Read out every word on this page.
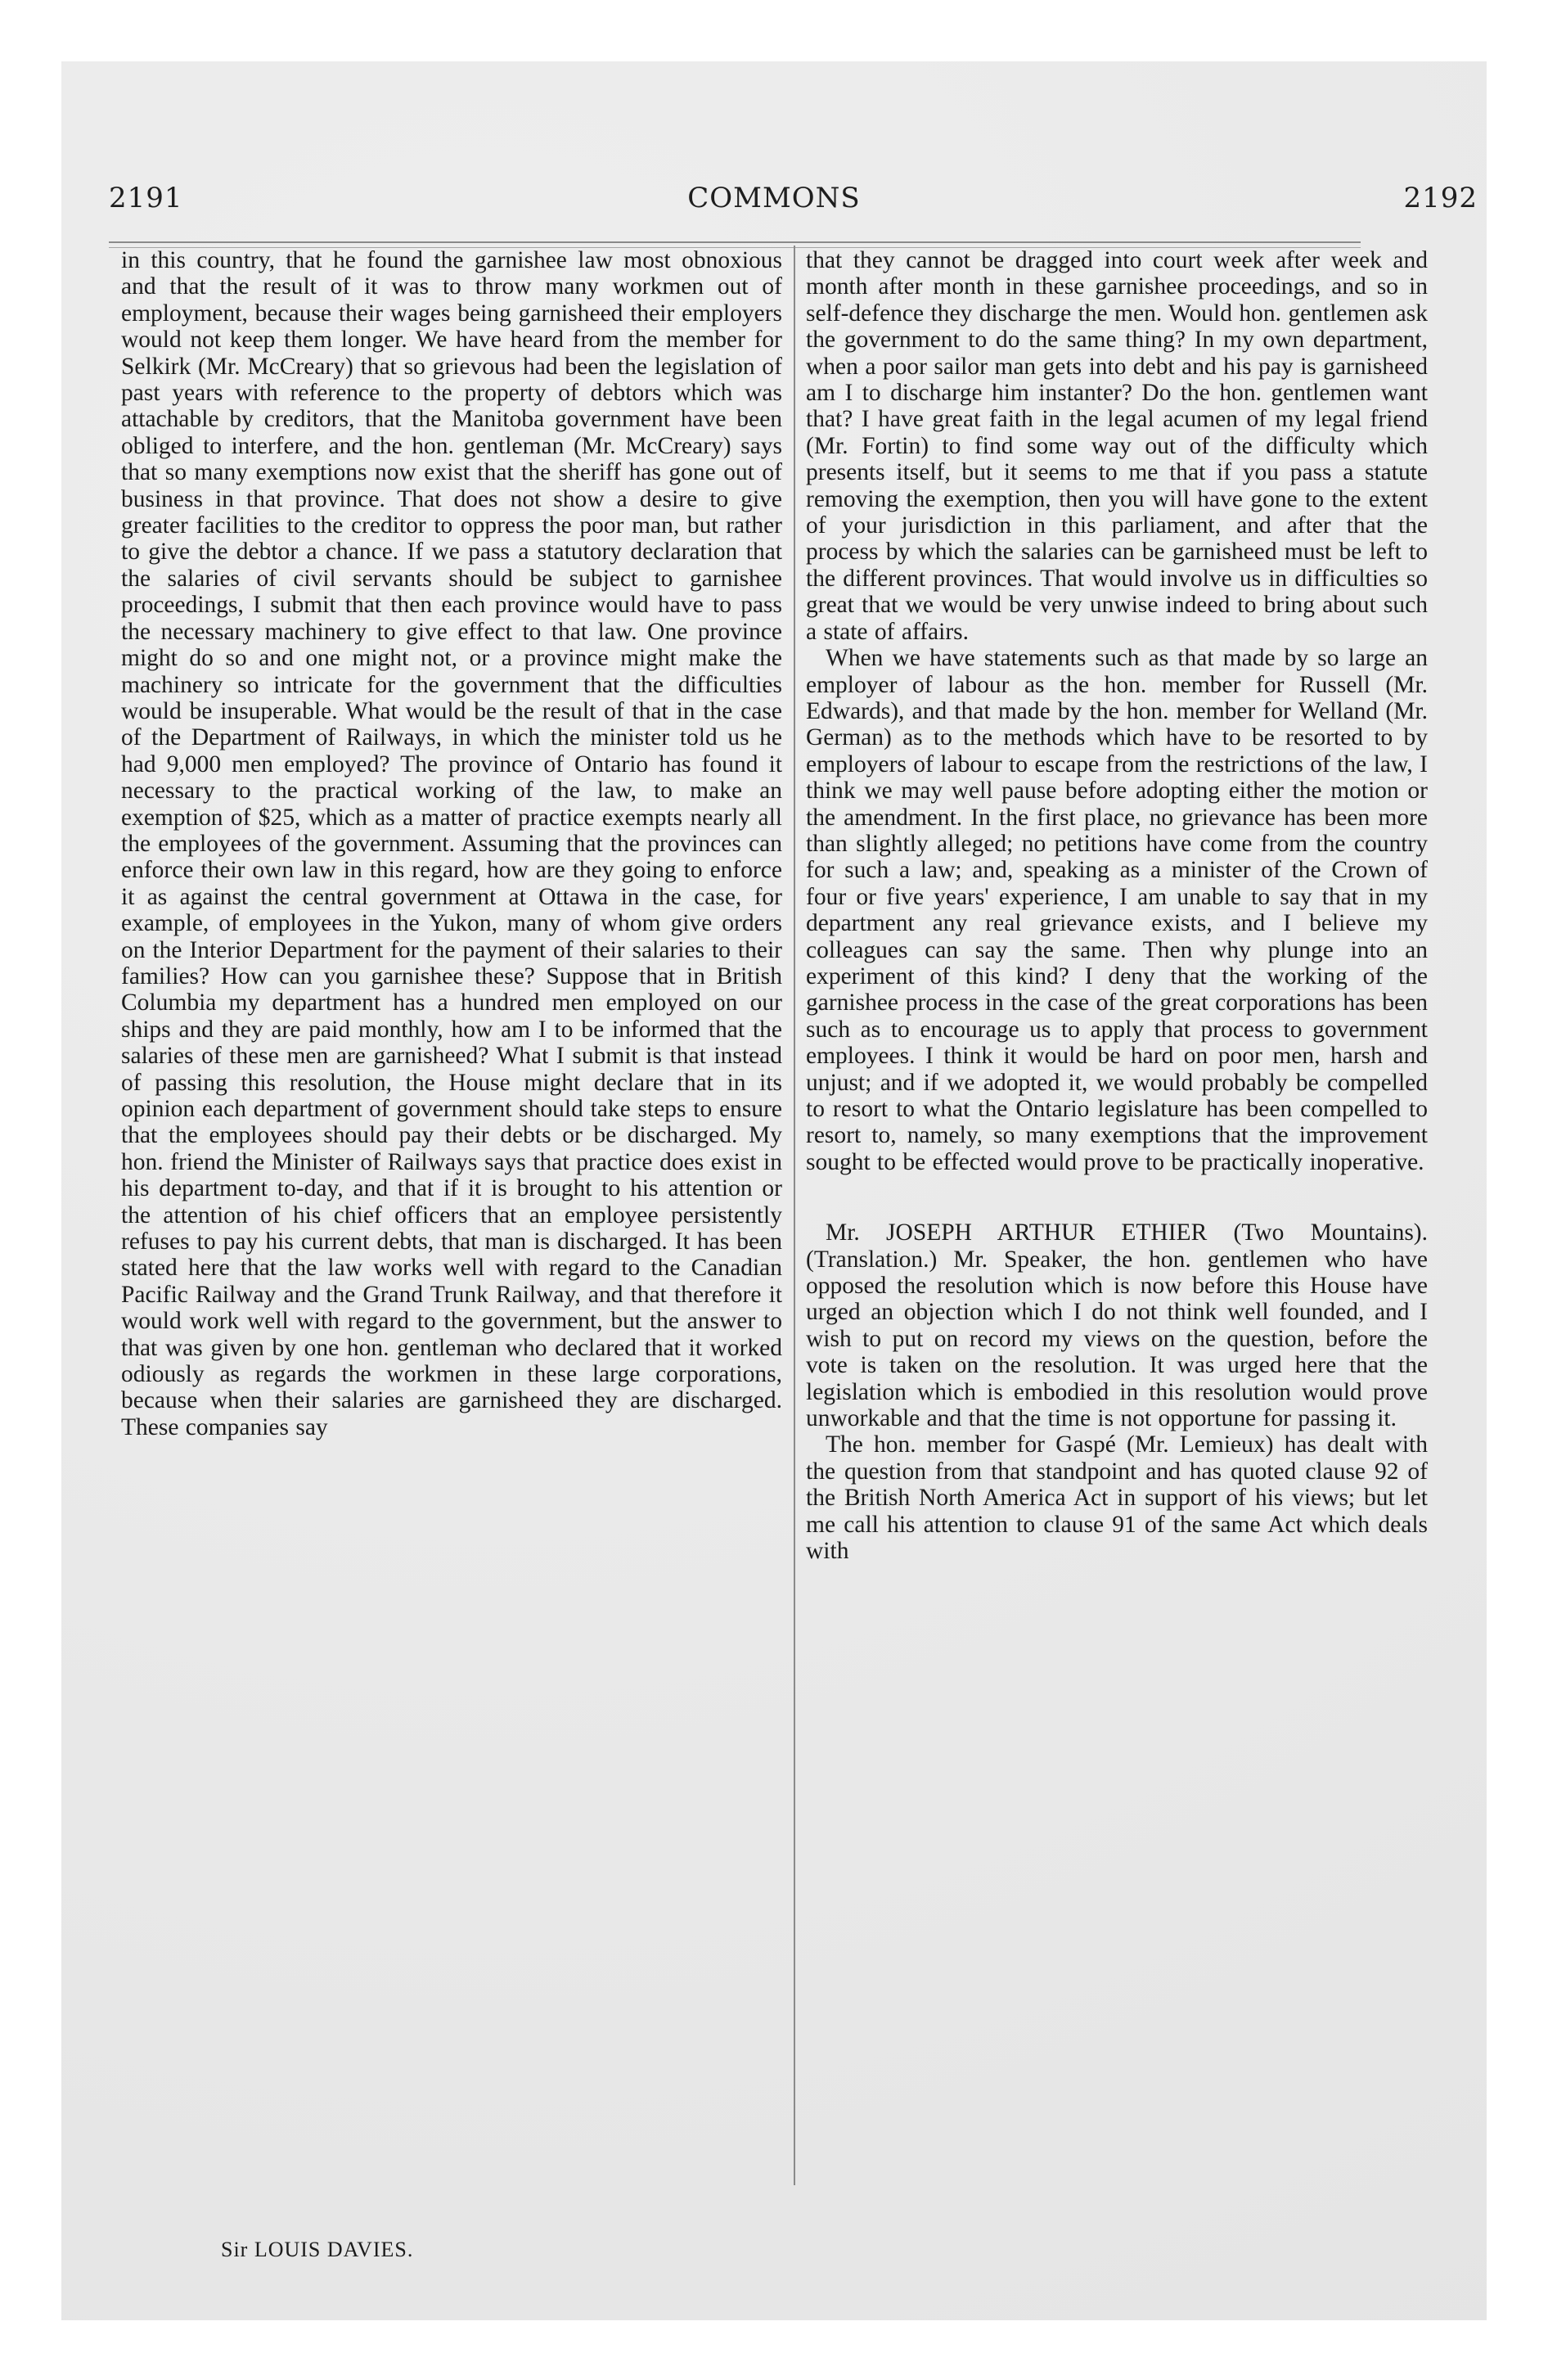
2191	COMMONS	2192

in this country, that he found the garnishee law most obnoxious and that the result of it was to throw many workmen out of employment, because their wages being garnisheed their employers would not keep them longer. We have heard from the member for Selkirk (Mr. McCreary) that so grievous had been the legislation of past years with reference to the property of debtors which was attachable by creditors, that the Manitoba government have been obliged to interfere, and the hon. gentleman (Mr. McCreary) says that so many exemptions now exist that the sheriff has gone out of business in that province. That does not show a desire to give greater facilities to the creditor to oppress the poor man, but rather to give the debtor a chance. If we pass a statutory declaration that the salaries of civil servants should be subject to garnishee proceedings, I submit that then each province would have to pass the necessary machinery to give effect to that law. One province might do so and one might not, or a province might make the machinery so intricate for the government that the difficulties would be insuperable. What would be the result of that in the case of the Department of Railways, in which the minister told us he had 9,000 men employed? The province of Ontario has found it necessary to the practical working of the law, to make an exemption of $25, which as a matter of practice exempts nearly all the employees of the government. Assuming that the provinces can enforce their own law in this regard, how are they going to enforce it as against the central government at Ottawa in the case, for example, of employees in the Yukon, many of whom give orders on the Interior Department for the payment of their salaries to their families? How can you garnishee these? Suppose that in British Columbia my department has a hundred men employed on our ships and they are paid monthly, how am I to be informed that the salaries of these men are garnisheed? What I submit is that instead of passing this resolution, the House might declare that in its opinion each department of government should take steps to ensure that the employees should pay their debts or be discharged. My hon. friend the Minister of Railways says that practice does exist in his department to-day, and that if it is brought to his attention or the attention of his chief officers that an employee persistently refuses to pay his current debts, that man is discharged. It has been stated here that the law works well with regard to the Canadian Pacific Railway and the Grand Trunk Railway, and that therefore it would work well with regard to the government, but the answer to that was given by one hon. gentleman who declared that it worked odiously as regards the workmen in these large corporations, because when their salaries are garnisheed they are discharged. These companies say

that they cannot be dragged into court week after week and month after month in these garnishee proceedings, and so in self-defence they discharge the men. Would hon. gentlemen ask the government to do the same thing? In my own department, when a poor sailor man gets into debt and his pay is garnisheed am I to discharge him instanter? Do the hon. gentlemen want that? I have great faith in the legal acumen of my legal friend (Mr. Fortin) to find some way out of the difficulty which presents itself, but it seems to me that if you pass a statute removing the exemption, then you will have gone to the extent of your jurisdiction in this parliament, and after that the process by which the salaries can be garnisheed must be left to the different provinces. That would involve us in difficulties so great that we would be very unwise indeed to bring about such a state of affairs.

When we have statements such as that made by so large an employer of labour as the hon. member for Russell (Mr. Edwards), and that made by the hon. member for Welland (Mr. German) as to the methods which have to be resorted to by employers of labour to escape from the restrictions of the law, I think we may well pause before adopting either the motion or the amendment. In the first place, no grievance has been more than slightly alleged; no petitions have come from the country for such a law; and, speaking as a minister of the Crown of four or five years' experience, I am unable to say that in my department any real grievance exists, and I believe my colleagues can say the same. Then why plunge into an experiment of this kind? I deny that the working of the garnishee process in the case of the great corporations has been such as to encourage us to apply that process to government employees. I think it would be hard on poor men, harsh and unjust; and if we adopted it, we would probably be compelled to resort to what the Ontario legislature has been compelled to resort to, namely, so many exemptions that the improvement sought to be effected would prove to be practically inoperative.

Mr. JOSEPH ARTHUR ETHIER (Two Mountains). (Translation.) Mr. Speaker, the hon. gentlemen who have opposed the resolution which is now before this House have urged an objection which I do not think well founded, and I wish to put on record my views on the question, before the vote is taken on the resolution. It was urged here that the legislation which is embodied in this resolution would prove unworkable and that the time is not opportune for passing it.

The hon. member for Gaspé (Mr. Lemieux) has dealt with the question from that standpoint and has quoted clause 92 of the British North America Act in support of his views; but let me call his attention to clause 91 of the same Act which deals with

Sir LOUIS DAVIES.
